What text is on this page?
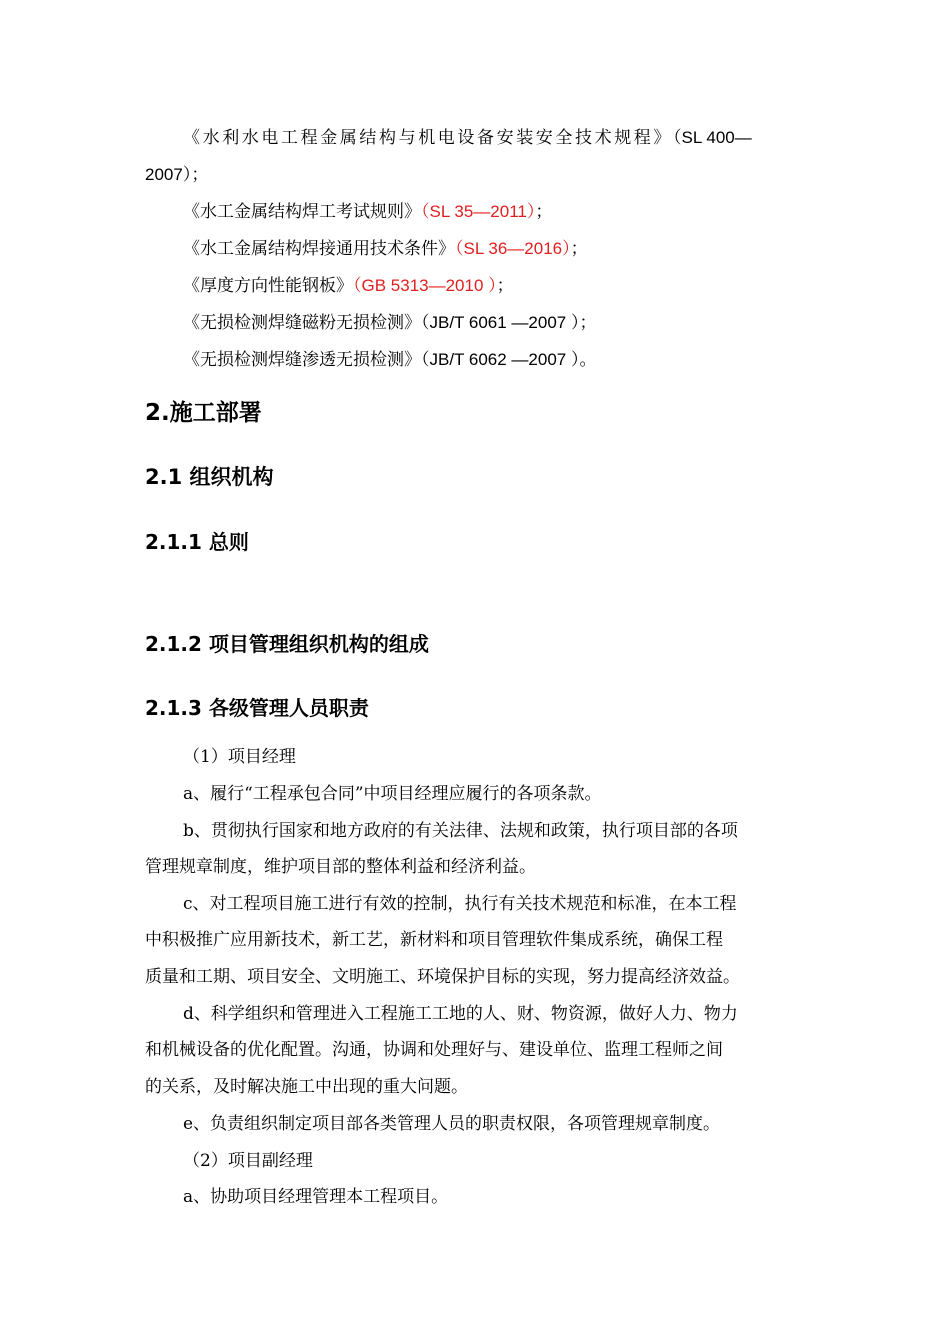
《水利水电工程金属结构与机电设备安装安全技术规程》（SL 400—
2007）；
《水工金属结构焊工考试规则》（SL 35—2011）；
《水工金属结构焊接通用技术条件》（SL 36—2016）；
《厚度方向性能钢板》（GB 5313—2010 ）；
《无损检测焊缝磁粉无损检测》（JB/T 6061 —2007 ）；
《无损检测焊缝渗透无损检测》（JB/T 6062 —2007 ）。
2.施工部署
2.1 组织机构
2.1.1 总则
2.1.2 项目管理组织机构的组成
2.1.3 各级管理人员职责
（1）项目经理
a、履行“工程承包合同”中项目经理应履行的各项条款。
b、贯彻执行国家和地方政府的有关法律、法规和政策，执行项目部的各项
管理规章制度，维护项目部的整体利益和经济利益。
c、对工程项目施工进行有效的控制，执行有关技术规范和标准，在本工程
中积极推广应用新技术，新工艺，新材料和项目管理软件集成系统，确保工程
质量和工期、项目安全、文明施工、环境保护目标的实现，努力提高经济效益。
d、科学组织和管理进入工程施工工地的人、财、物资源，做好人力、物力
和机械设备的优化配置。沟通，协调和处理好与、建设单位、监理工程师之间
的关系，及时解决施工中出现的重大问题。
e、负责组织制定项目部各类管理人员的职责权限，各项管理规章制度。
（2）项目副经理
a、协助项目经理管理本工程项目。
